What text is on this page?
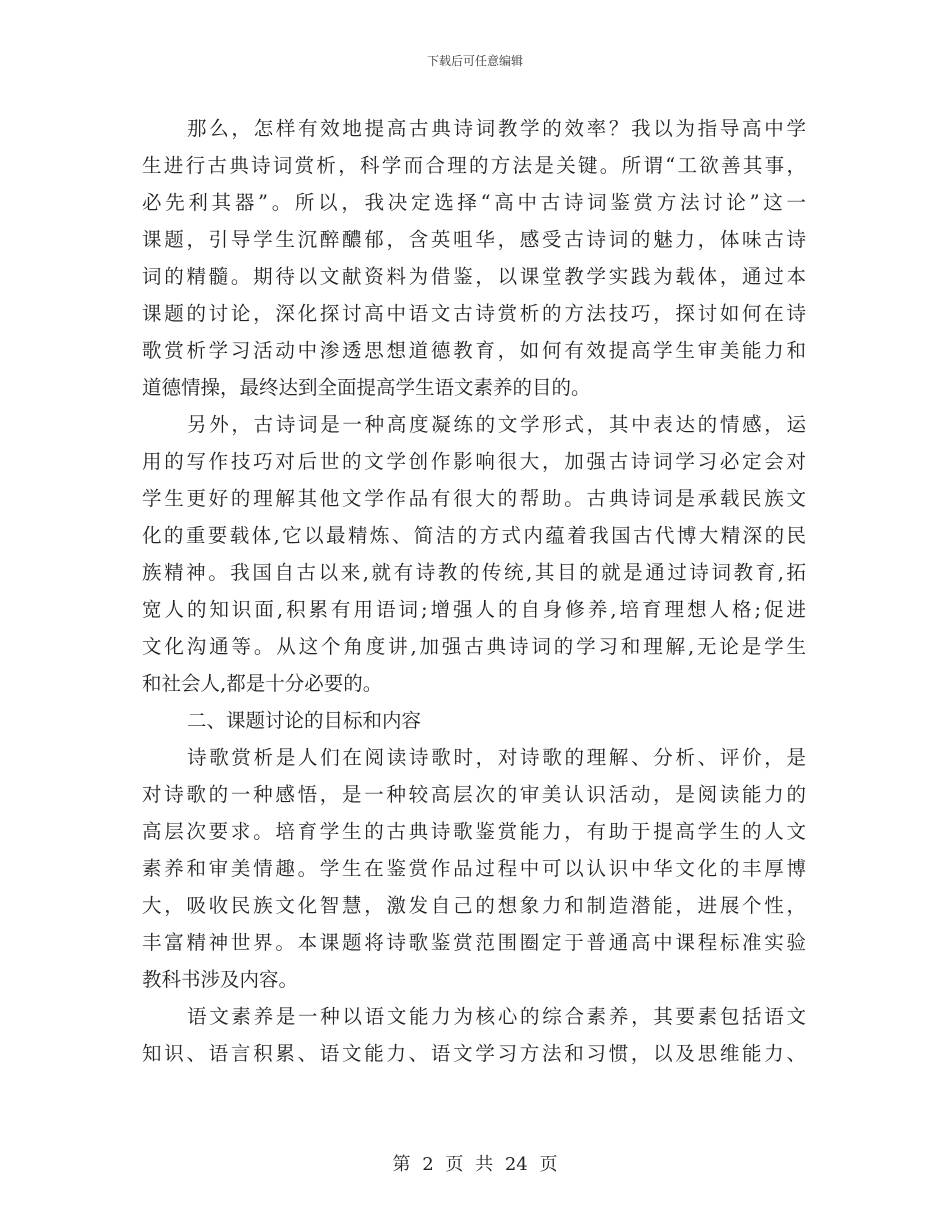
下载后可任意编辑
那么，怎样有效地提高古典诗词教学的效率？我以为指导高中学
生进行古典诗词赏析，科学而合理的方法是关键。所谓“工欲善其事，
必先利其器”。所以，我决定选择“高中古诗词鉴赏方法讨论”这一
课题，引导学生沉醉醲郁，含英咀华，感受古诗词的魅力，体味古诗
词的精髓。期待以文献资料为借鉴，以课堂教学实践为载体，通过本
课题的讨论，深化探讨高中语文古诗赏析的方法技巧，探讨如何在诗
歌赏析学习活动中渗透思想道德教育，如何有效提高学生审美能力和
道德情操，最终达到全面提高学生语文素养的目的。
另外，古诗词是一种高度凝练的文学形式，其中表达的情感，运
用的写作技巧对后世的文学创作影响很大，加强古诗词学习必定会对
学生更好的理解其他文学作品有很大的帮助。古典诗词是承载民族文
化的重要载体,它以最精炼、简洁的方式内蕴着我国古代博大精深的民
族精神。我国自古以来,就有诗教的传统,其目的就是通过诗词教育,拓
宽人的知识面,积累有用语词;增强人的自身修养,培育理想人格;促进
文化沟通等。从这个角度讲,加强古典诗词的学习和理解,无论是学生
和社会人,都是十分必要的。
二、课题讨论的目标和内容
诗歌赏析是人们在阅读诗歌时，对诗歌的理解、分析、评价，是
对诗歌的一种感悟，是一种较高层次的审美认识活动，是阅读能力的
高层次要求。培育学生的古典诗歌鉴赏能力，有助于提高学生的人文
素养和审美情趣。学生在鉴赏作品过程中可以认识中华文化的丰厚博
大，吸收民族文化智慧，激发自己的想象力和制造潜能，进展个性，
丰富精神世界。本课题将诗歌鉴赏范围圈定于普通高中课程标准实验
教科书涉及内容。
语文素养是一种以语文能力为核心的综合素养，其要素包括语文
知识、语言积累、语文能力、语文学习方法和习惯，以及思维能力、
第 2 页 共 24 页
